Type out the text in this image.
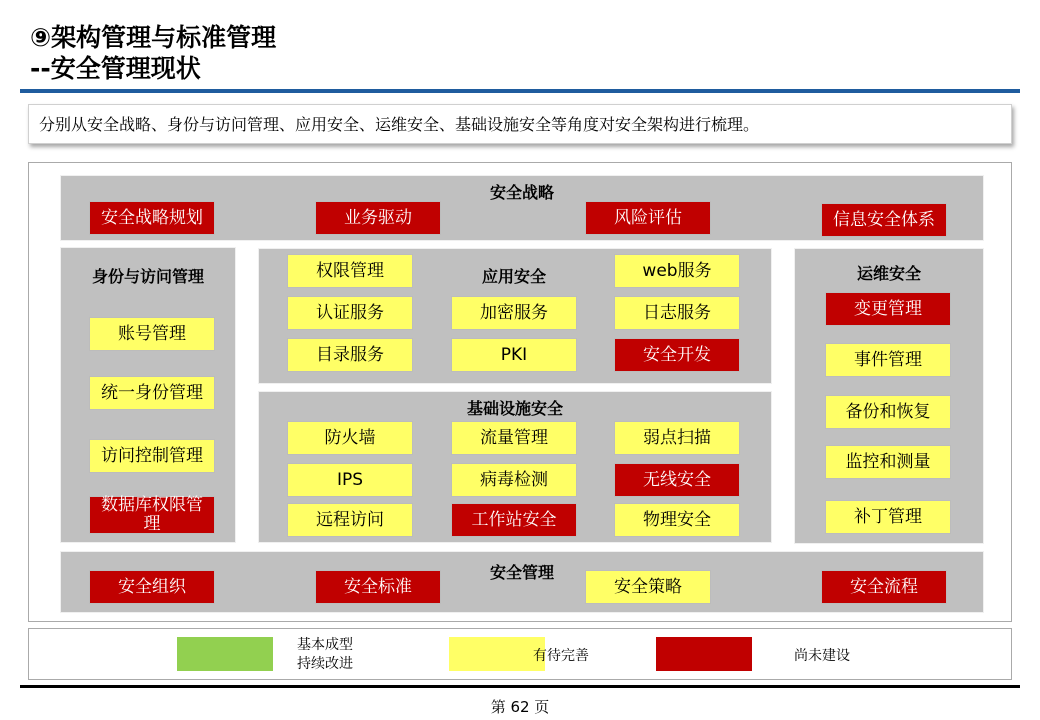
⑨架构管理与标准管理
--安全管理现状
分别从安全战略、身份与访问管理、应用安全、运维安全、基础设施安全等角度对安全架构进行梳理。
安全战略
安全战略规划	业务驱动	风险评估	信息安全体系
身份与访问管理
账号管理
统一身份管理
访问控制管理
数据库权限管理
应用安全
权限管理	web服务
认证服务	加密服务	日志服务
目录服务	PKI	安全开发
基础设施安全
防火墙	流量管理	弱点扫描
IPS	病毒检测	无线安全
远程访问	工作站安全	物理安全
运维安全
变更管理
事件管理
备份和恢复
监控和测量
补丁管理
安全管理
安全组织	安全标准	安全策略	安全流程
基本成型
持续改进	有待完善	尚未建设
第 62 页
